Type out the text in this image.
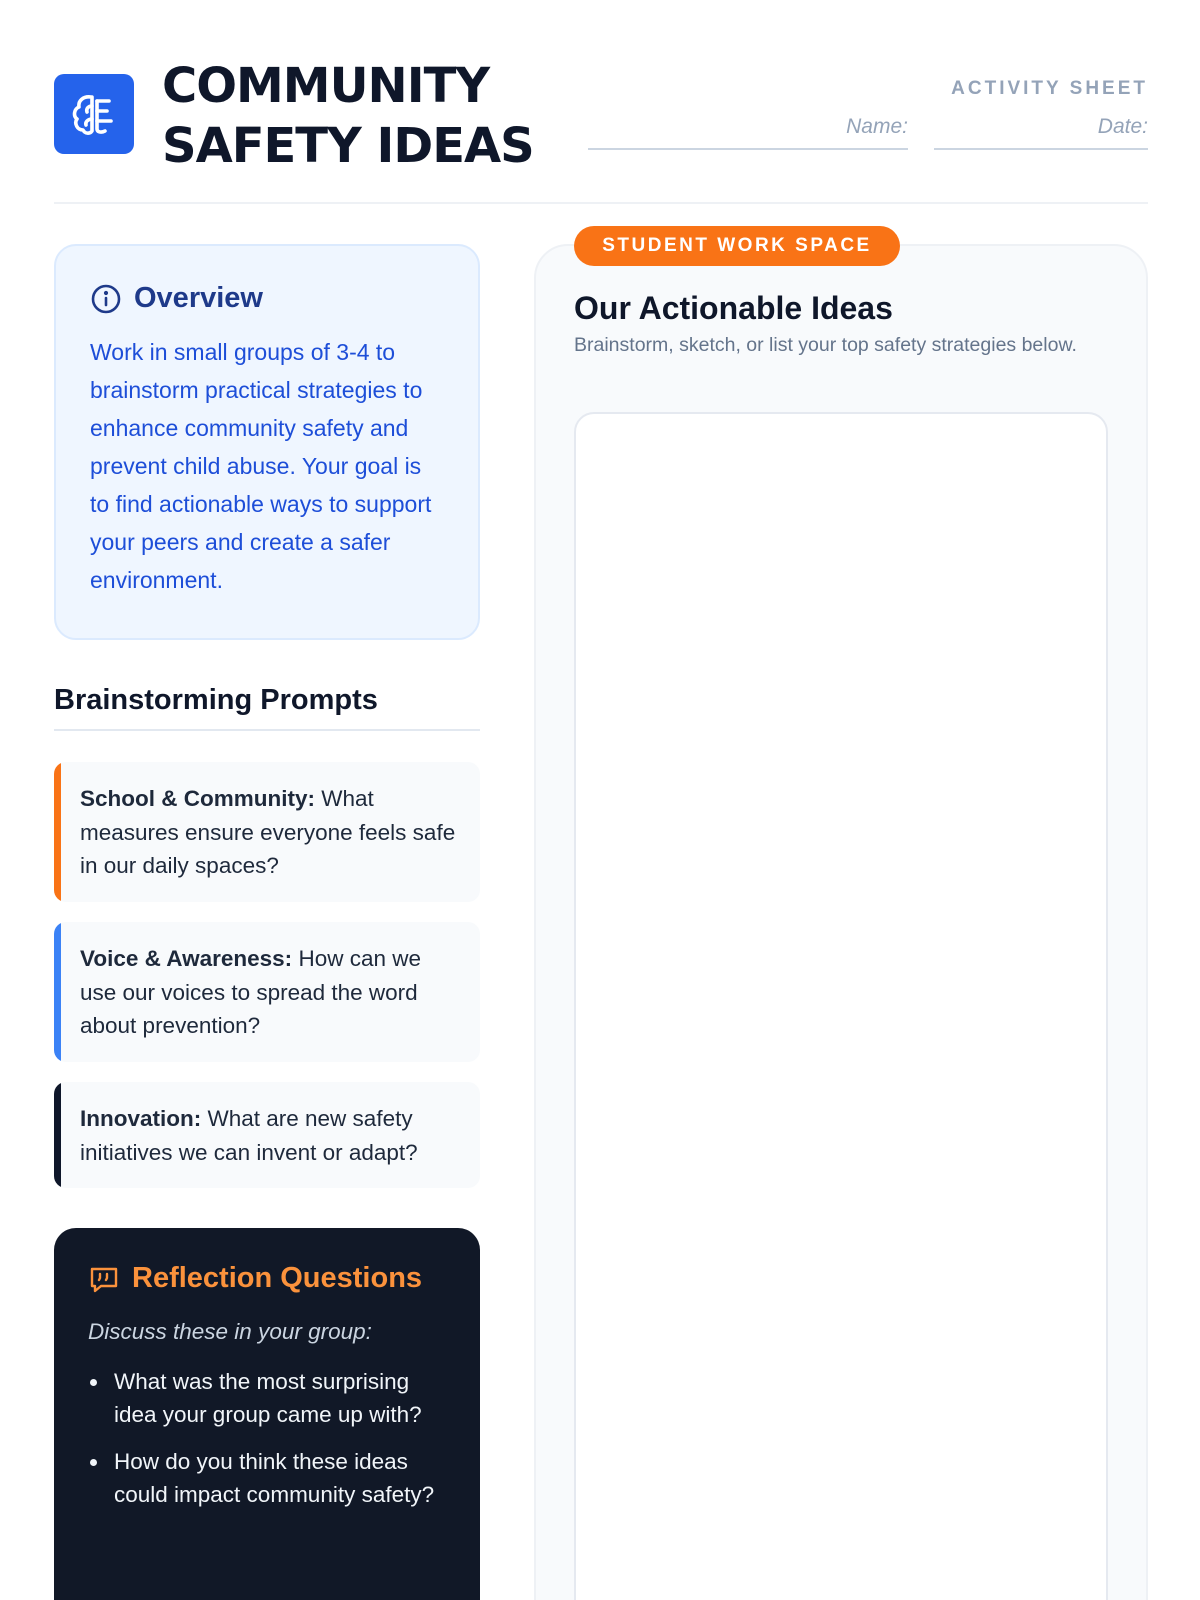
COMMUNITY
SAFETY IDEAS
ACTIVITY SHEET
Name:	Date:
Overview

Work in small groups of 3-4 to brainstorm practical strategies to enhance community safety and prevent child abuse. Your goal is to find actionable ways to support your peers and create a safer environment.

Brainstorming Prompts
School & Community: What measures ensure everyone feels safe in our daily spaces?
Voice & Awareness: How can we use our voices to spread the word about prevention?
Innovation: What are new safety initiatives we can invent or adapt?
Reflection Questions

Discuss these in your group:

What was the most surprising idea your group came up with?
How do you think these ideas could impact community safety?
STUDENT WORK SPACE
Our Actionable Ideas
Brainstorm, sketch, or list your top safety strategies below.
